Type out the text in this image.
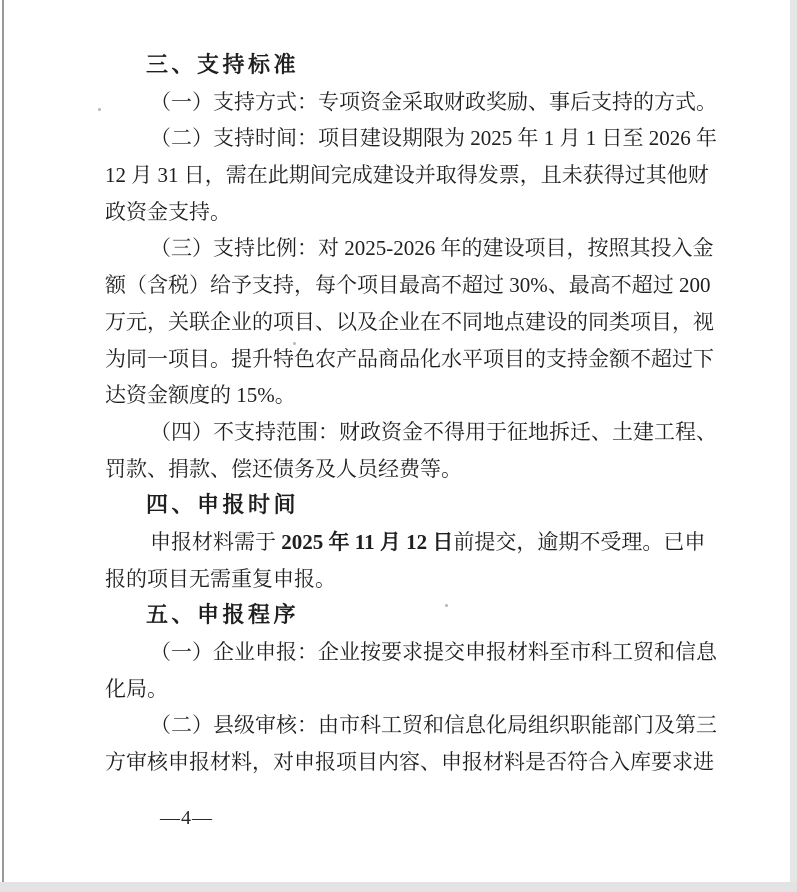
三、支持标准
（一）支持方式：专项资金采取财政奖励、事后支持的方式。
（二）支持时间：项目建设期限为 2025 年 1 月 1 日至 2026 年
12 月 31 日，需在此期间完成建设并取得发票，且未获得过其他财
政资金支持。
（三）支持比例：对 2025-2026 年的建设项目，按照其投入金
额（含税）给予支持，每个项目最高不超过 30%、最高不超过 200
万元，关联企业的项目、以及企业在不同地点建设的同类项目，视
为同一项目。提升特色农产品商品化水平项目的支持金额不超过下
达资金额度的 15%。
（四）不支持范围：财政资金不得用于征地拆迁、土建工程、
罚款、捐款、偿还债务及人员经费等。
四、申报时间
申报材料需于 2025 年 11 月 12 日前提交，逾期不受理。已申
报的项目无需重复申报。
五、申报程序
（一）企业申报：企业按要求提交申报材料至市科工贸和信息
化局。
（二）县级审核：由市科工贸和信息化局组织职能部门及第三
方审核申报材料，对申报项目内容、申报材料是否符合入库要求进
—4—
